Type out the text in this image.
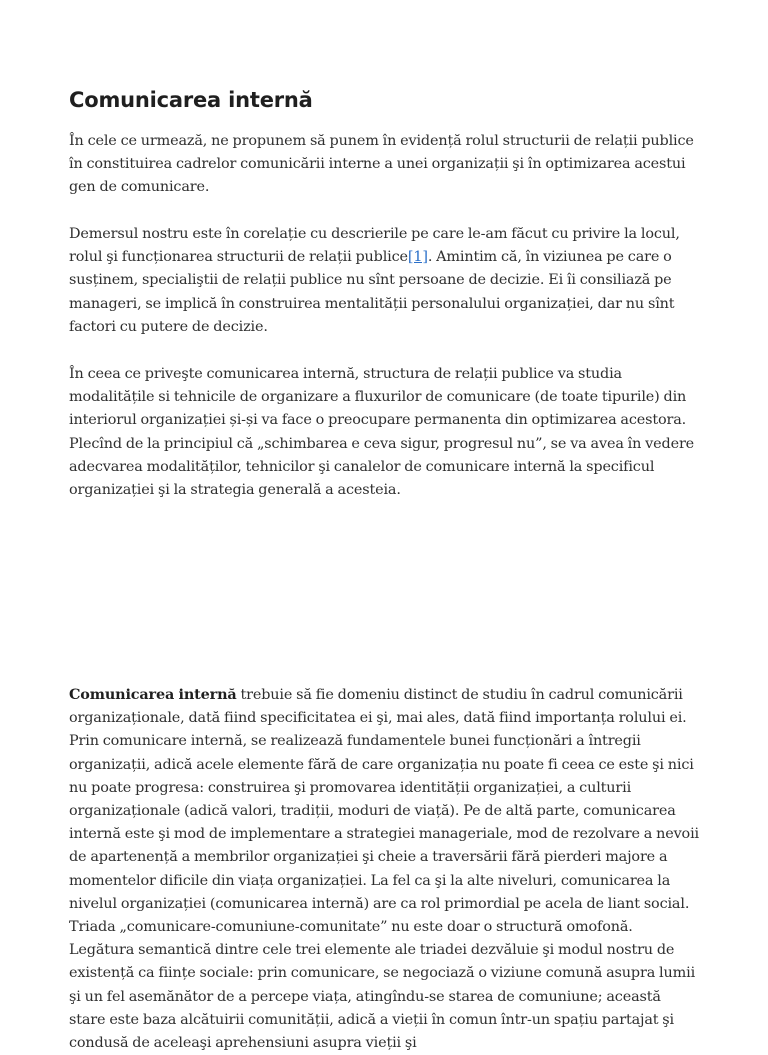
Comunicarea internă

În cele ce urmează, ne propunem să punem în evidență rolul structurii de relații publice în constituirea cadrelor comunicării interne a unei organizații şi în optimizarea acestui gen de comunicare.

Demersul nostru este în corelație cu descrierile pe care le-am făcut cu privire la locul, rolul şi funcționarea structurii de relații publice[1]. Amintim că, în viziunea pe care o susținem, specialiştii de relații publice nu sînt persoane de decizie. Ei îi consiliază pe manageri, se implică în construirea mentalității personalului organizației, dar nu sînt factori cu putere de decizie.

În ceea ce priveşte comunicarea internă, structura de relații publice va studia modalitățile si tehnicile de organizare a fluxurilor de comunicare (de toate tipurile) din interiorul organizației și-și va face o preocupare permanenta din optimizarea acestora. Plecînd de la principiul că „schimbarea e ceva sigur, progresul nu”, se va avea în vedere adecvarea modalităților, tehnicilor şi canalelor de comunicare internă la specificul organizației şi la strategia generală a acesteia.

Comunicarea internă trebuie să fie domeniu distinct de studiu în cadrul comunicării organizaționale, dată fiind specificitatea ei şi, mai ales, dată fiind importanța rolului ei. Prin comunicare internă, se realizează fundamentele bunei funcționări a întregii organizații, adică acele elemente fără de care organizația nu poate fi ceea ce este şi nici nu poate progresa: construirea şi promovarea identității organizației, a culturii organizaționale (adică valori, tradiții, moduri de viață). Pe de altă parte, comunicarea internă este şi mod de implementare a strategiei manageriale, mod de rezolvare a nevoii de apartenență a membrilor organizației şi cheie a traversării fără pierderi majore a momentelor dificile din viața organizației. La fel ca şi la alte niveluri, comunicarea la nivelul organizației (comunicarea internă) are ca rol primordial pe acela de liant social. Triada „comunicare-comuniune-comunitate” nu este doar o structură omofonă. Legătura semantică dintre cele trei elemente ale triadei dezvăluie şi modul nostru de existență ca ființe sociale: prin comunicare, se negociază o viziune comună asupra lumii şi un fel asemănător de a percepe viața, atingîndu-se starea de comuniune; această stare este baza alcătuirii comunității, adică a vieții în comun într-un spațiu partajat şi condusă de aceleaşi aprehensiuni asupra vieții şi
